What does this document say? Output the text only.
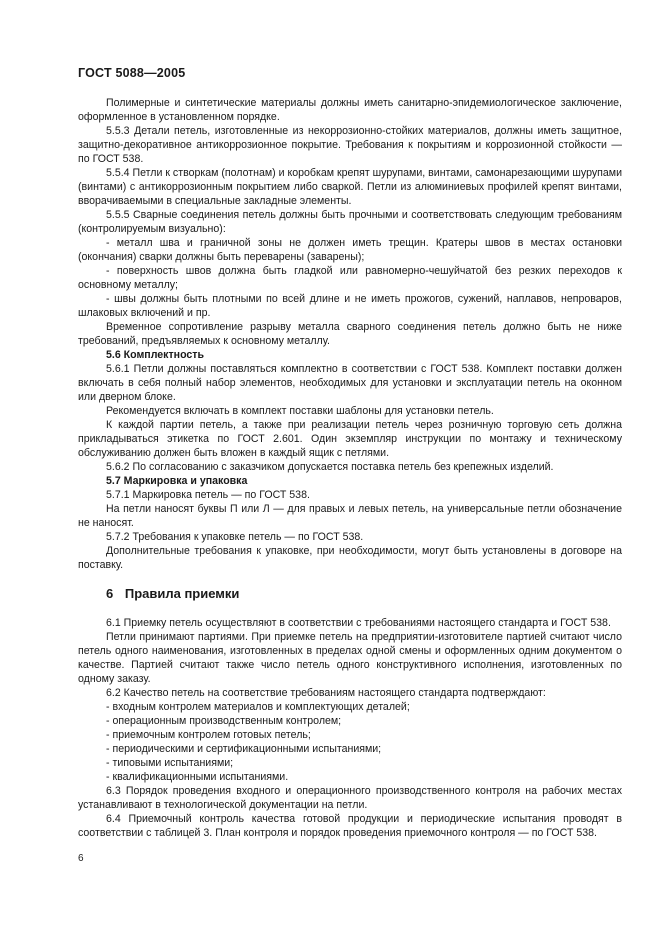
ГОСТ 5088—2005

Полимерные и синтетические материалы должны иметь санитарно-эпидемиологическое заключение, оформленное в установленном порядке.

5.5.3 Детали петель, изготовленные из некоррозионно-стойких материалов, должны иметь защитное, защитно-декоративное антикоррозионное покрытие. Требования к покрытиям и коррозионной стойкости — по ГОСТ 538.

5.5.4 Петли к створкам (полотнам) и коробкам крепят шурупами, винтами, самонарезающими шурупами (винтами) с антикоррозионным покрытием либо сваркой. Петли из алюминиевых профилей крепят винтами, вворачиваемыми в специальные закладные элементы.

5.5.5 Сварные соединения петель должны быть прочными и соответствовать следующим требованиям (контролируемым визуально):

- металл шва и граничной зоны не должен иметь трещин. Кратеры швов в местах остановки (окончания) сварки должны быть переварены (заварены);

- поверхность швов должна быть гладкой или равномерно-чешуйчатой без резких переходов к основному металлу;

- швы должны быть плотными по всей длине и не иметь прожогов, сужений, наплавов, непроваров, шлаковых включений и пр.

Временное сопротивление разрыву металла сварного соединения петель должно быть не ниже требований, предъявляемых к основному металлу.

5.6 Комплектность

5.6.1 Петли должны поставляться комплектно в соответствии с ГОСТ 538. Комплект поставки должен включать в себя полный набор элементов, необходимых для установки и эксплуатации петель на оконном или дверном блоке.

Рекомендуется включать в комплект поставки шаблоны для установки петель.

К каждой партии петель, а также при реализации петель через розничную торговую сеть должна прикладываться этикетка по ГОСТ 2.601. Один экземпляр инструкции по монтажу и техническому обслуживанию должен быть вложен в каждый ящик с петлями.

5.6.2 По согласованию с заказчиком допускается поставка петель без крепежных изделий.

5.7 Маркировка и упаковка

5.7.1 Маркировка петель — по ГОСТ 538.

На петли наносят буквы П или Л — для правых и левых петель, на универсальные петли обозначение не наносят.

5.7.2 Требования к упаковке петель — по ГОСТ 538.

Дополнительные требования к упаковке, при необходимости, могут быть установлены в договоре на поставку.

6 Правила приемки

6.1 Приемку петель осуществляют в соответствии с требованиями настоящего стандарта и ГОСТ 538.

Петли принимают партиями. При приемке петель на предприятии-изготовителе партией считают число петель одного наименования, изготовленных в пределах одной смены и оформленных одним документом о качестве. Партией считают также число петель одного конструктивного исполнения, изготовленных по одному заказу.

6.2 Качество петель на соответствие требованиям настоящего стандарта подтверждают:

- входным контролем материалов и комплектующих деталей;

- операционным производственным контролем;

- приемочным контролем готовых петель;

- периодическими и сертификационными испытаниями;

- типовыми испытаниями;

- квалификационными испытаниями.

6.3 Порядок проведения входного и операционного производственного контроля на рабочих местах устанавливают в технологической документации на петли.

6.4 Приемочный контроль качества готовой продукции и периодические испытания проводят в соответствии с таблицей 3. План контроля и порядок проведения приемочного контроля — по ГОСТ 538.

6
